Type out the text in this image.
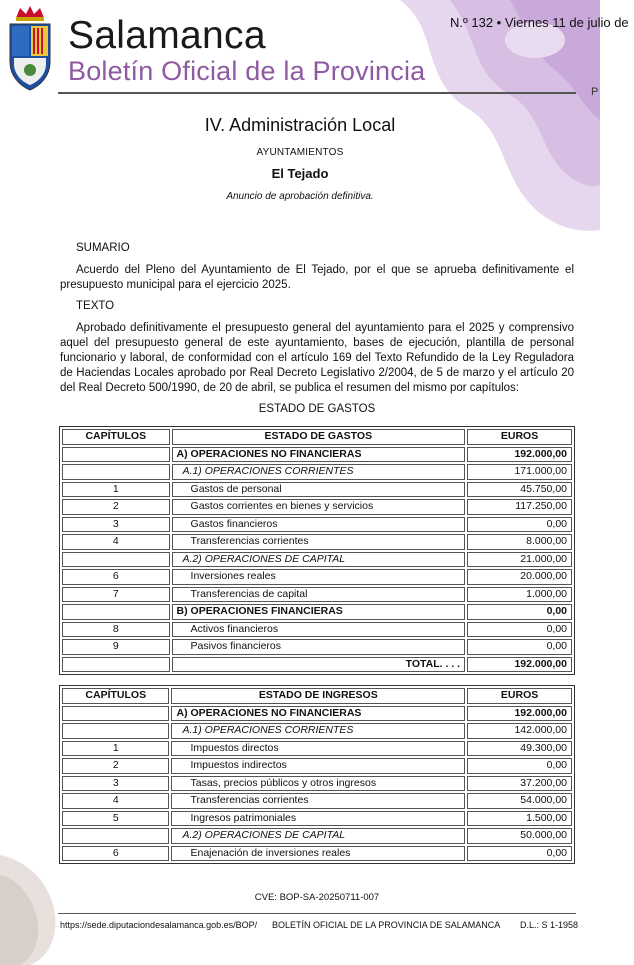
Salamanca
Boletín Oficial de la Provincia
N.º 132 • Viernes 11 de julio de
P
IV. Administración Local
AYUNTAMIENTOS
El Tejado
Anuncio de aprobación definitiva.
SUMARIO
Acuerdo del Pleno del Ayuntamiento de El Tejado, por el que se aprueba definitivamente el presupuesto municipal para el ejercicio 2025.
TEXTO
Aprobado definitivamente el presupuesto general del ayuntamiento para el 2025 y comprensivo aquel del presupuesto general de este ayuntamiento, bases de ejecución, plantilla de personal funcionario y laboral, de conformidad con el artículo 169 del Texto Refundido de la Ley Reguladora de Haciendas Locales aprobado por Real Decreto Legislativo 2/2004, de 5 de marzo y el artículo 20 del Real Decreto 500/1990, de 20 de abril, se publica el resumen del mismo por capítulos:
ESTADO DE GASTOS
CAPÍTULOS	ESTADO DE GASTOS	EUROS
	A) OPERACIONES NO FINANCIERAS	192.000,00
	A.1) OPERACIONES CORRIENTES	171.000,00
1	Gastos de personal	45.750,00
2	Gastos corrientes en bienes y servicios	117.250,00
3	Gastos financieros	0,00
4	Transferencias corrientes	8.000,00
	A.2) OPERACIONES DE CAPITAL	21.000,00
6	Inversiones reales	20.000,00
7	Transferencias de capital	1.000,00
	B) OPERACIONES FINANCIERAS	0,00
8	Activos financieros	0,00
9	Pasivos financieros	0,00
	TOTAL. . . .	192.000,00
CAPÍTULOS	ESTADO DE INGRESOS	EUROS
	A) OPERACIONES NO FINANCIERAS	192.000,00
	A.1) OPERACIONES CORRIENTES	142.000,00
1	Impuestos directos	49.300,00
2	Impuestos indirectos	0,00
3	Tasas, precios públicos y otros ingresos	37.200,00
4	Transferencias corrientes	54.000,00
5	Ingresos patrimoniales	1.500,00
	A.2) OPERACIONES DE CAPITAL	50.000,00
6	Enajenación de inversiones reales	0,00
CVE: BOP-SA-20250711-007
https://sede.diputaciondesalamanca.gob.es/BOP/ BOLETÍN OFICIAL DE LA PROVINCIA DE SALAMANCA D.L.: S 1-1958
